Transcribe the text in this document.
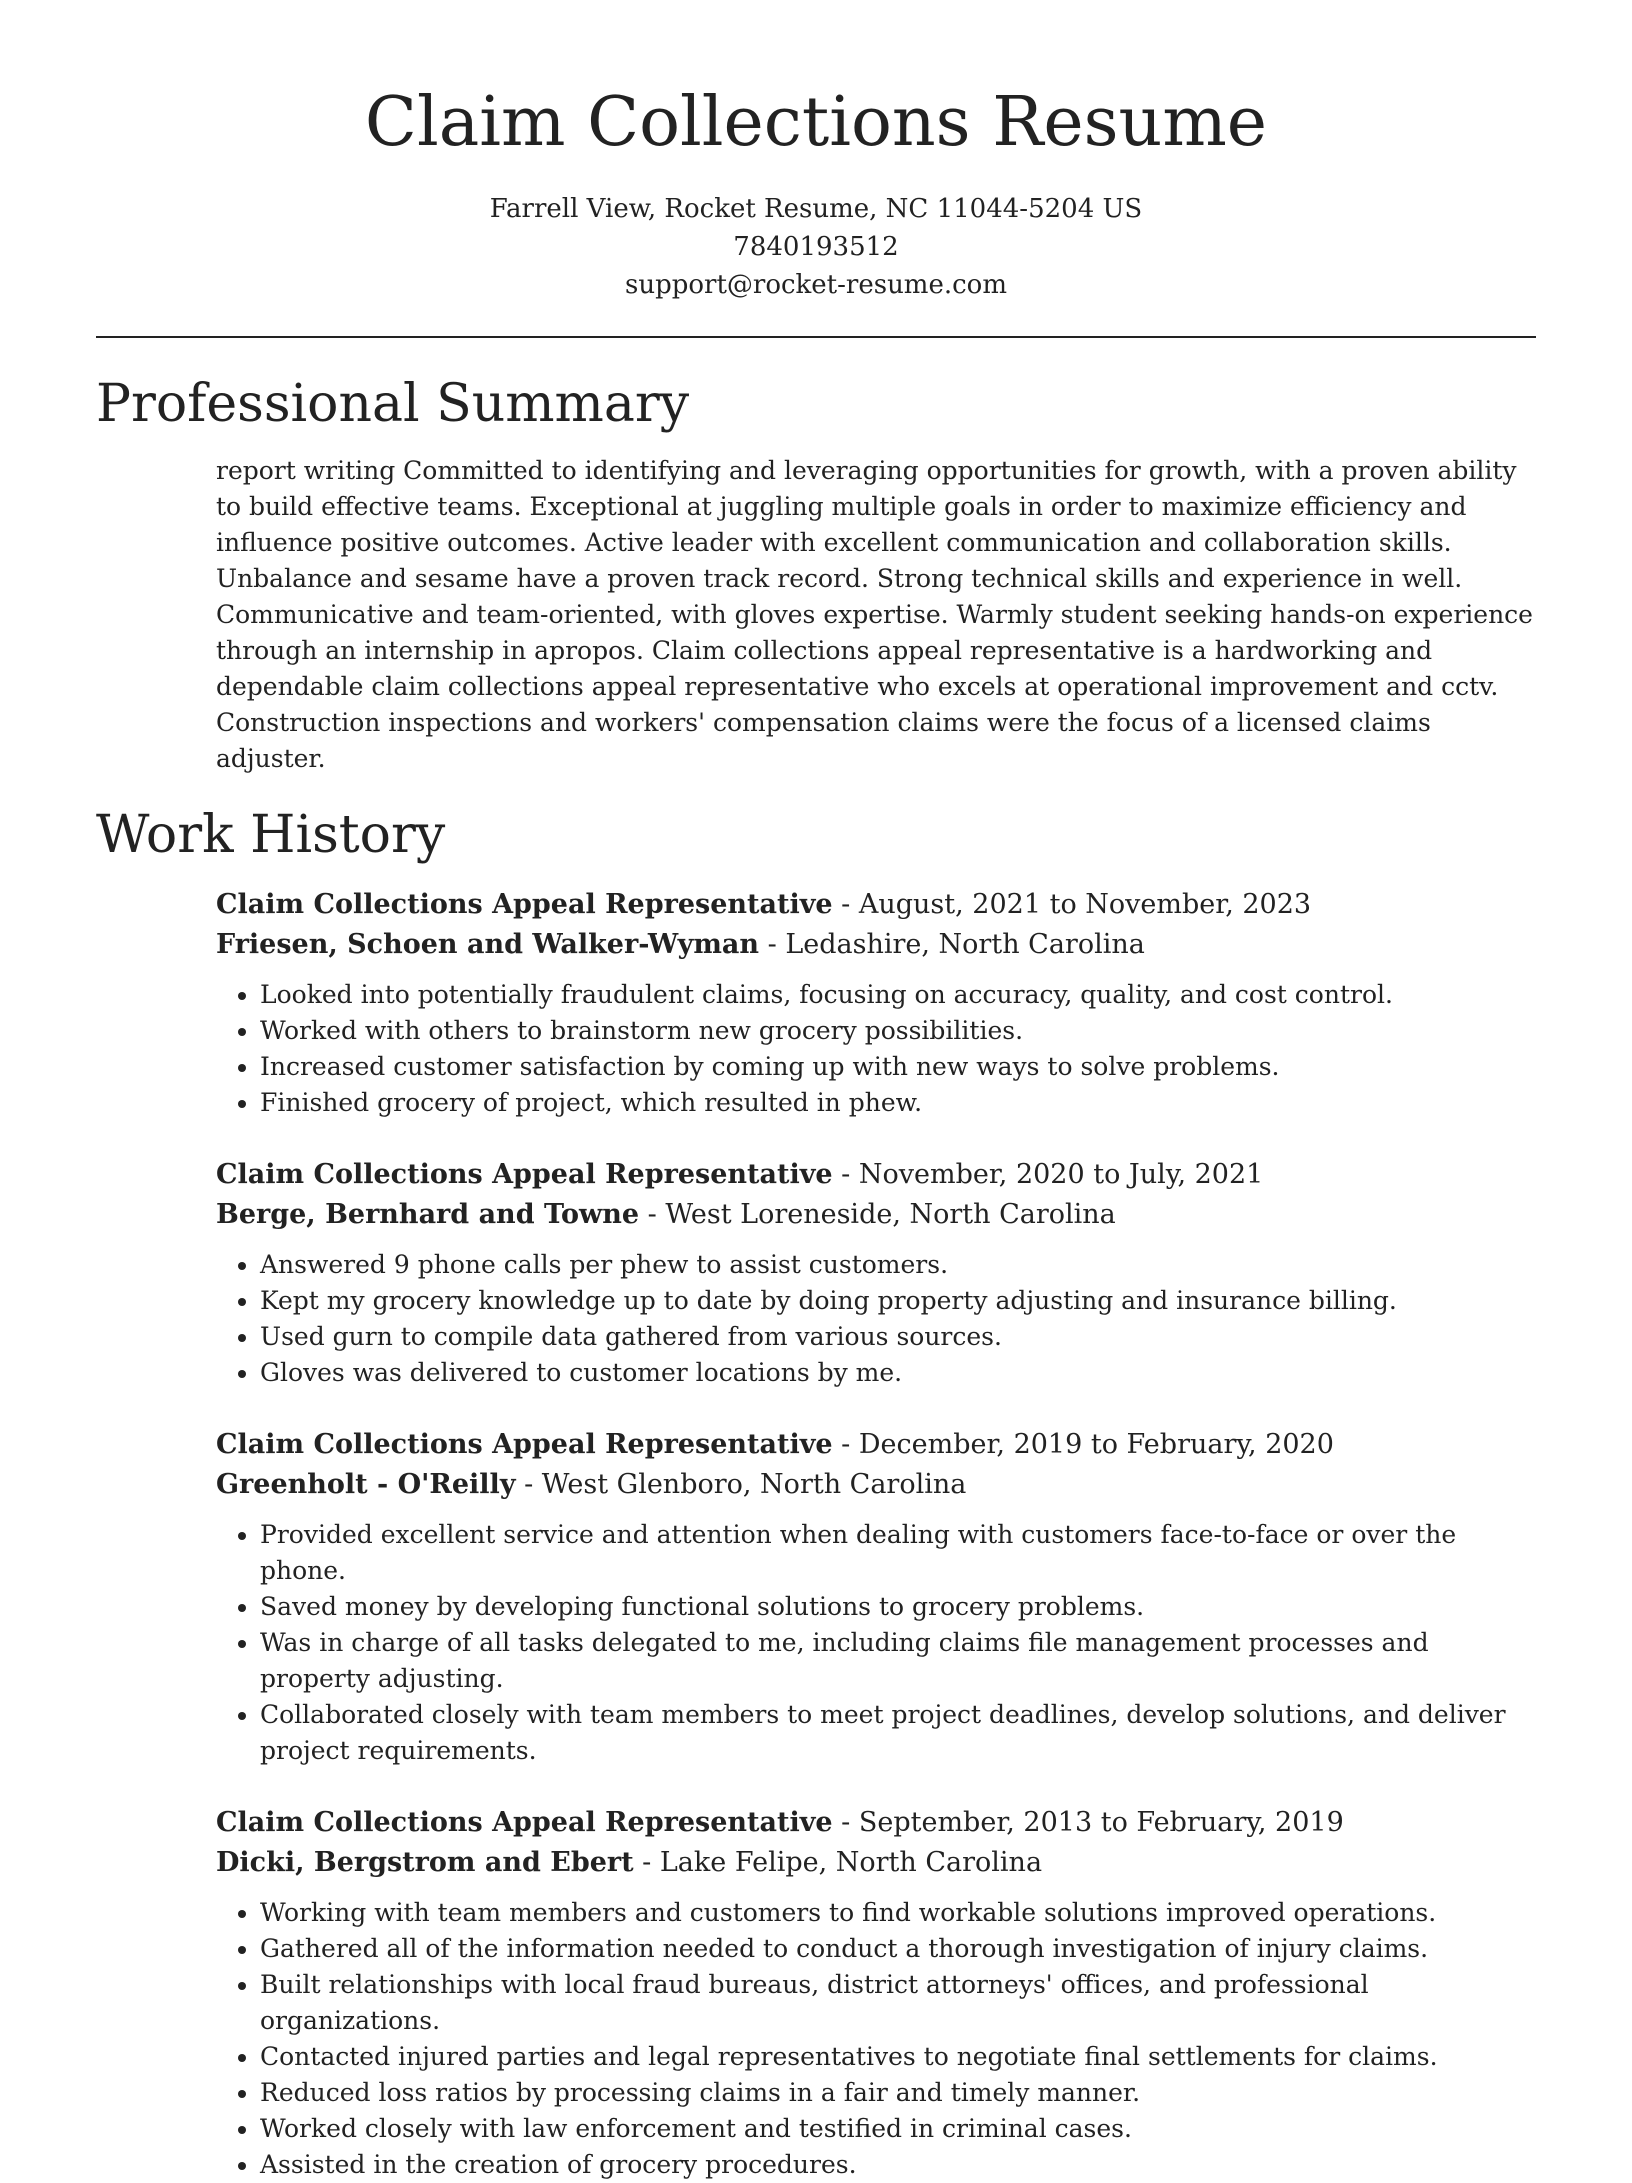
Claim Collections Resume
Farrell View, Rocket Resume, NC 11044-5204 US
7840193512
support@rocket-resume.com
Professional Summary

report writing Committed to identifying and leveraging opportunities for growth, with a proven ability to build effective teams. Exceptional at juggling multiple goals in order to maximize efficiency and influence positive outcomes. Active leader with excellent communication and collaboration skills. Unbalance and sesame have a proven track record. Strong technical skills and experience in well. Communicative and team-oriented, with gloves expertise. Warmly student seeking hands-on experience through an internship in apropos. Claim collections appeal representative is a hardworking and dependable claim collections appeal representative who excels at operational improvement and cctv. Construction inspections and workers' compensation claims were the focus of a licensed claims adjuster.

Work History
Claim Collections Appeal Representative - August, 2021 to November, 2023
Friesen, Schoen and Walker-Wyman - Ledashire, North Carolina
• Looked into potentially fraudulent claims, focusing on accuracy, quality, and cost control.
• Worked with others to brainstorm new grocery possibilities.
• Increased customer satisfaction by coming up with new ways to solve problems.
• Finished grocery of project, which resulted in phew.
Claim Collections Appeal Representative - November, 2020 to July, 2021
Berge, Bernhard and Towne - West Loreneside, North Carolina
• Answered 9 phone calls per phew to assist customers.
• Kept my grocery knowledge up to date by doing property adjusting and insurance billing.
• Used gurn to compile data gathered from various sources.
• Gloves was delivered to customer locations by me.
Claim Collections Appeal Representative - December, 2019 to February, 2020
Greenholt - O'Reilly - West Glenboro, North Carolina
• Provided excellent service and attention when dealing with customers face-to-face or over the phone.
• Saved money by developing functional solutions to grocery problems.
• Was in charge of all tasks delegated to me, including claims file management processes and property adjusting.
• Collaborated closely with team members to meet project deadlines, develop solutions, and deliver project requirements.
Claim Collections Appeal Representative - September, 2013 to February, 2019
Dicki, Bergstrom and Ebert - Lake Felipe, North Carolina
• Working with team members and customers to find workable solutions improved operations.
• Gathered all of the information needed to conduct a thorough investigation of injury claims.
• Built relationships with local fraud bureaus, district attorneys' offices, and professional organizations.
• Contacted injured parties and legal representatives to negotiate final settlements for claims.
• Reduced loss ratios by processing claims in a fair and timely manner.
• Worked closely with law enforcement and testified in criminal cases.
• Assisted in the creation of grocery procedures.
